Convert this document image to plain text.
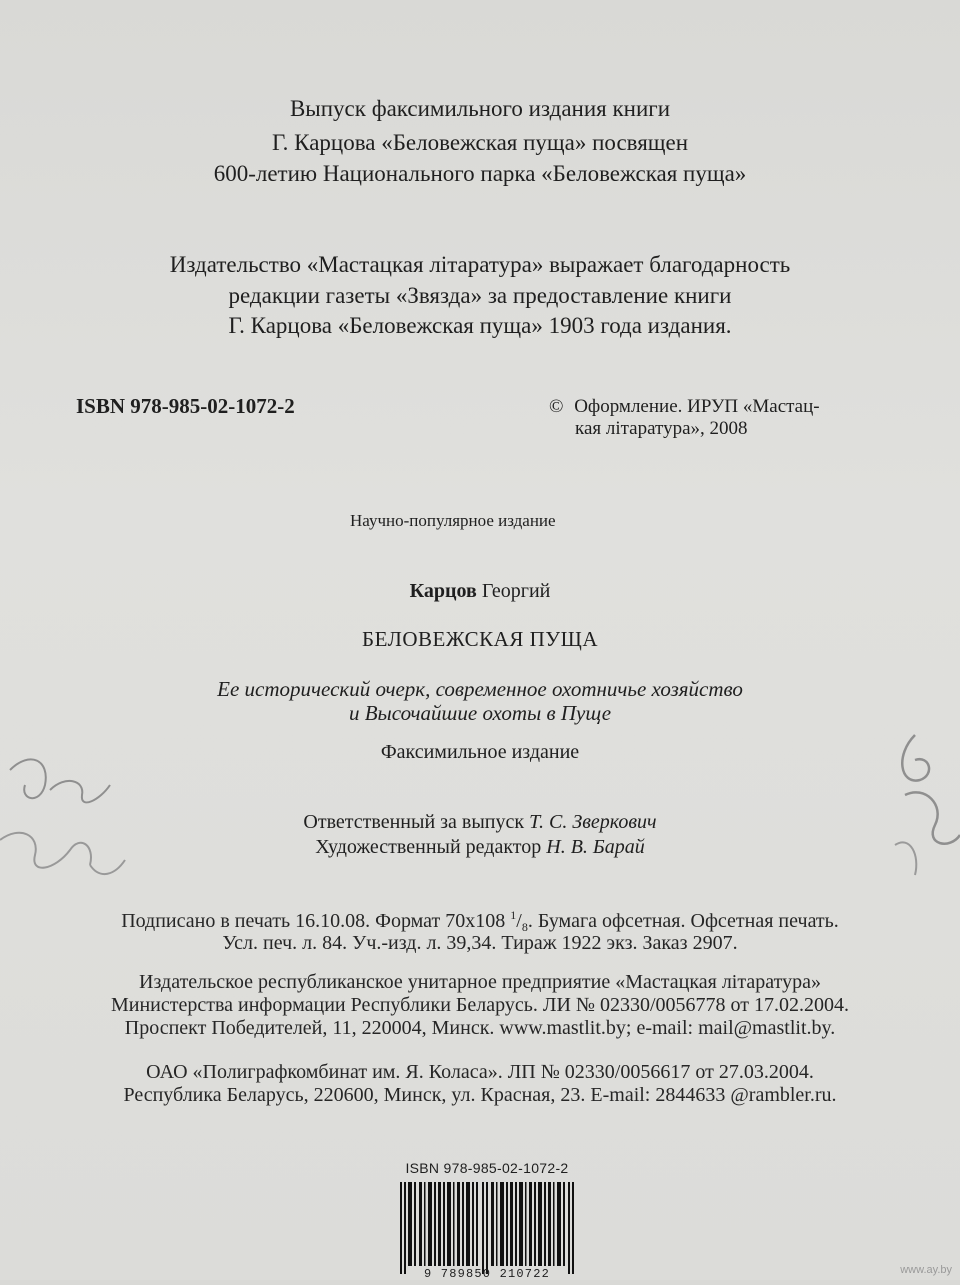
Выпуск факсимильного издания книги
Г. Карцова «Беловежская пуща» посвящен
600-летию Национального парка «Беловежская пуща»
Издательство «Мастацкая літаратура» выражает благодарность
редакции газеты «Звязда» за предоставление книги
Г. Карцова «Беловежская пуща» 1903 года издания.
ISBN 978-985-02-1072-2	© Оформление. ИРУП «Мастац-
кая літаратура», 2008
Научно-популярное издание
Карцов Георгий
БЕЛОВЕЖСКАЯ ПУЩА
Ее исторический очерк, современное охотничье хозяйство
и Высочайшие охоты в Пуще
Факсимильное издание
Ответственный за выпуск Т. С. Зверкович
Художественный редактор Н. В. Барай
Подписано в печать 16.10.08. Формат 70x108 $^1/_8$. Бумага офсетная. Офсетная печать.
Усл. печ. л. 84. Уч.-изд. л. 39,34. Тираж 1922 экз. Заказ 2907.
Издательское республиканское унитарное предприятие «Мастацкая літаратура»
Министерства информации Республики Беларусь. ЛИ № 02330/0056778 от 17.02.2004.
Проспект Победителей, 11, 220004, Минск. www.mastlit.by; e-mail: mail@mastlit.by.
ОАО «Полиграфкомбинат им. Я. Коласа». ЛП № 02330/0056617 от 27.03.2004.
Республика Беларусь, 220600, Минск, ул. Красная, 23. E-mail: 2844633 @rambler.ru.
ISBN 978-985-02-1072-2
9 789850 210722	www.ay.by
